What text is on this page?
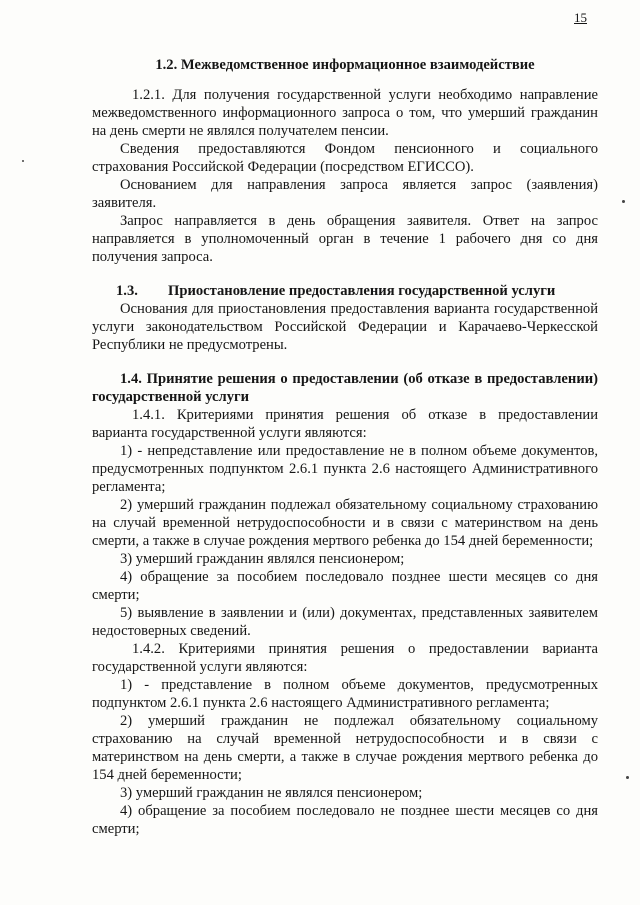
15

1.2. Межведомственное информационное взаимодействие

1.2.1. Для получения государственной услуги необходимо направление межведомственного информационного запроса о том, что умерший гражданин на день смерти не являлся получателем пенсии.

Сведения предоставляются Фондом пенсионного и социального страхования Российской Федерации (посредством ЕГИССО).

Основанием для направления запроса является запрос (заявления) заявителя.

Запрос направляется в день обращения заявителя. Ответ на запрос направляется в уполномоченный орган в течение 1 рабочего дня со дня получения запроса.

1.3.	Приостановление предоставления государственной услуги

Основания для приостановления предоставления варианта государственной услуги законодательством Российской Федерации и Карачаево-Черкесской Республики не предусмотрены.

1.4. Принятие решения о предоставлении (об отказе в предоставлении) государственной услуги

1.4.1. Критериями принятия решения об отказе в предоставлении варианта государственной услуги являются:

1) - непредставление или предоставление не в полном объеме документов, предусмотренных подпунктом 2.6.1 пункта 2.6 настоящего Административного регламента;

2) умерший гражданин подлежал обязательному социальному страхованию на случай временной нетрудоспособности и в связи с материнством на день смерти, а также в случае рождения мертвого ребенка до 154 дней беременности;

3) умерший гражданин являлся пенсионером;

4) обращение за пособием последовало позднее шести месяцев со дня смерти;

5) выявление в заявлении и (или) документах, представленных заявителем недостоверных сведений.

1.4.2. Критериями принятия решения о предоставлении варианта государственной услуги являются:

1) - представление в полном объеме документов, предусмотренных подпунктом 2.6.1 пункта 2.6 настоящего Административного регламента;

2) умерший гражданин не подлежал обязательному социальному страхованию на случай временной нетрудоспособности и в связи с материнством на день смерти, а также в случае рождения мертвого ребенка до 154 дней беременности;

3) умерший гражданин не являлся пенсионером;

4) обращение за пособием последовало не позднее шести месяцев со дня смерти;
